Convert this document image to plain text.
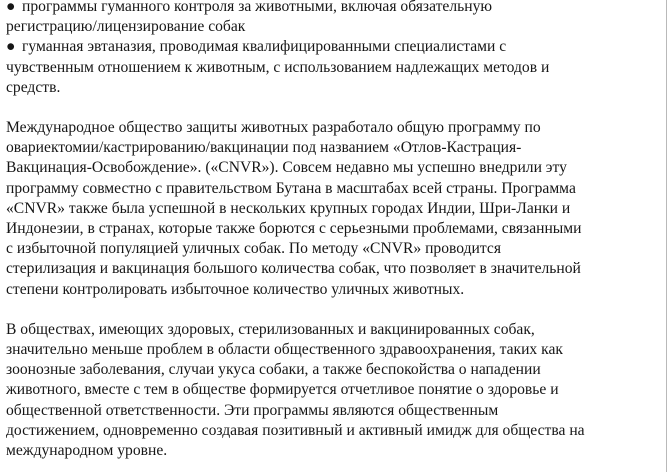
● программы гуманного контроля за животными, включая обязательную
регистрацию/лицензирование собак
● гуманная эвтаназия, проводимая квалифицированными специалистами с
чувственным отношением к животным, с использованием надлежащих методов и
средств.
Международное общество защиты животных разработало общую программу по
овариектомии/кастрированию/вакцинации под названием «Отлов-Кастрация-
Вакцинация-Освобождение». («CNVR»). Совсем недавно мы успешно внедрили эту
программу совместно с правительством Бутана в масштабах всей страны. Программа
«CNVR» также была успешной в нескольких крупных городах Индии, Шри-Ланки и
Индонезии, в странах, которые также борются с серьезными проблемами, связанными
с избыточной популяцией уличных собак. По методу «CNVR» проводится
стерилизация и вакцинация большого количества собак, что позволяет в значительной
степени контролировать избыточное количество уличных животных.
В обществах, имеющих здоровых, стерилизованных и вакцинированных собак,
значительно меньше проблем в области общественного здравоохранения, таких как
зоонозные заболевания, случаи укуса собаки, а также беспокойства о нападении
животного, вместе с тем в обществе формируется отчетливое понятие о здоровье и
общественной ответственности. Эти программы являются общественным
достижением, одновременно создавая позитивный и активный имидж для общества на
международном уровне.
